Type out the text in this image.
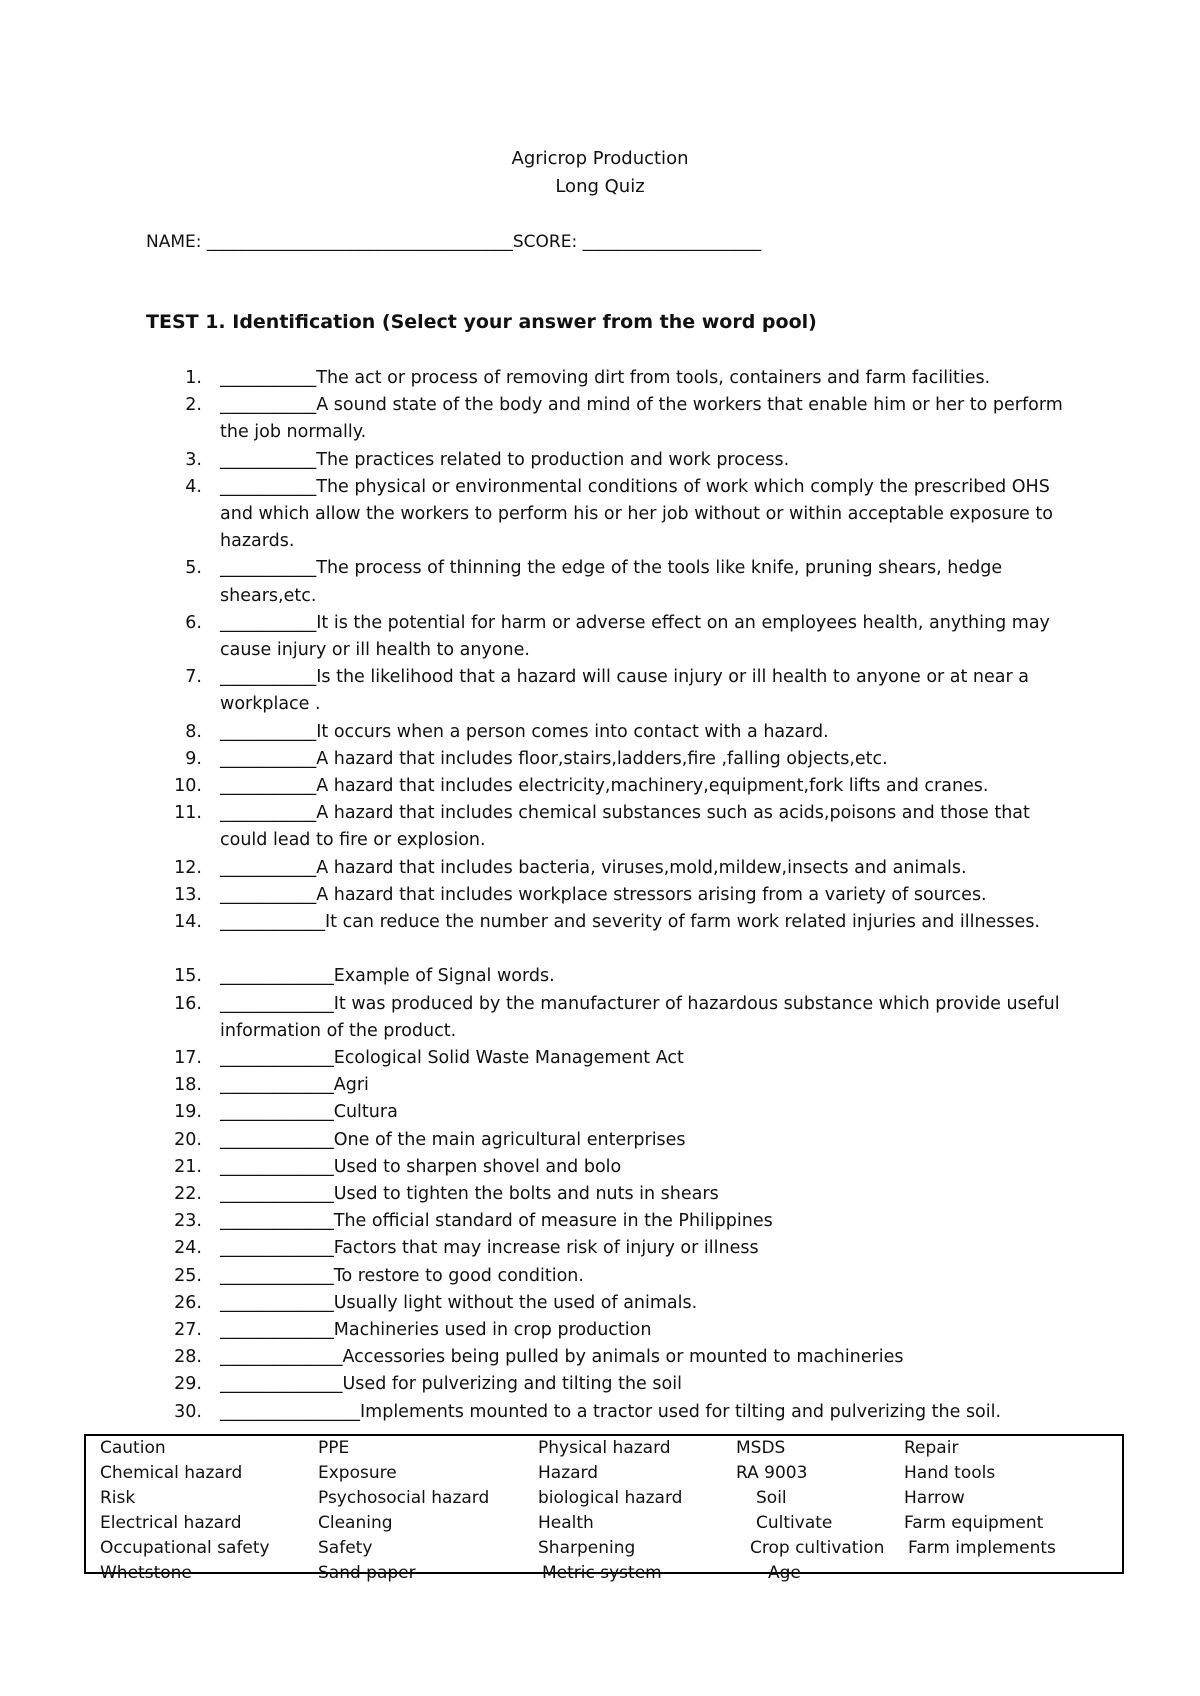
Agricrop Production
Long Quiz
NAME: ____________________________________SCORE: _____________________
TEST 1. Identification (Select your answer from the word pool)
1. ___________The act or process of removing dirt from tools, containers and farm facilities.
2. ___________A sound state of the body and mind of the workers that enable him or her to perform the job normally.
3. ___________The practices related to production and work process.
4. ___________The physical or environmental conditions of work which comply the prescribed OHS and which allow the workers to perform his or her job without or within acceptable exposure to hazards.
5. ___________The process of thinning the edge of the tools like knife, pruning shears, hedge shears,etc.
6. ___________It is the potential for harm or adverse effect on an employees health, anything may cause injury or ill health to anyone.
7. ___________Is the likelihood that a hazard will cause injury or ill health to anyone or at near a workplace .
8. ___________It occurs when a person comes into contact with a hazard.
9. ___________A hazard that includes floor,stairs,ladders,fire ,falling objects,etc.
10. ___________A hazard that includes electricity,machinery,equipment,fork lifts and cranes.
11. ___________A hazard that includes chemical substances such as acids,poisons and those that could lead to fire or explosion.
12. ___________A hazard that includes bacteria, viruses,mold,mildew,insects and animals.
13. ___________A hazard that includes workplace stressors arising from a variety of sources.
14. ____________It can reduce the number and severity of farm work related injuries and illnesses.
15. _____________Example of Signal words.
16. _____________It was produced by the manufacturer of hazardous substance which provide useful information of the product.
17. _____________Ecological Solid Waste Management Act
18. _____________Agri
19. _____________Cultura
20. _____________One of the main agricultural enterprises
21. _____________Used to sharpen shovel and bolo
22. _____________Used to tighten the bolts and nuts in shears
23. _____________The official standard of measure in the Philippines
24. _____________Factors that may increase risk of injury or illness
25. _____________To restore to good condition.
26. _____________Usually light without the used of animals.
27. _____________Machineries used in crop production
28. ______________Accessories being pulled by animals or mounted to machineries
29. ______________Used for pulverizing and tilting the soil
30. ________________Implements mounted to a tractor used for tilting and pulverizing the soil.
Caution
Chemical hazard
Risk
Electrical hazard
Occupational safety
Whetstone
PPE
Exposure
Psychosocial hazard
Cleaning
Safety
Sand paper
Physical hazard
Hazard
biological hazard
Health
Sharpening
Metric system
MSDS
RA 9003
Soil
Cultivate
Crop cultivation
Age
Repair
Hand tools
Harrow
Farm equipment
Farm implements
